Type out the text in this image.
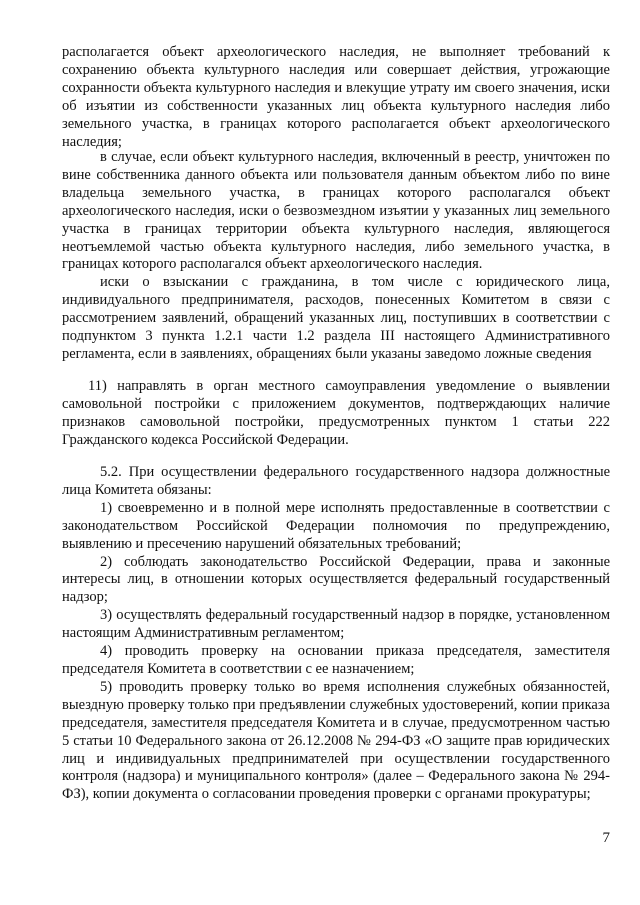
располагается объект археологического наследия, не выполняет требований к сохранению объекта культурного наследия или совершает действия, угрожающие сохранности объекта культурного наследия и влекущие утрату им своего значения, иски об изъятии из собственности указанных лиц объекта культурного наследия либо земельного участка, в границах которого располагается объект археологического наследия;

в случае, если объект культурного наследия, включенный в реестр, уничтожен по вине собственника данного объекта или пользователя данным объектом либо по вине владельца земельного участка, в границах которого располагался объект археологического наследия, иски о безвозмездном изъятии у указанных лиц земельного участка в границах территории объекта культурного наследия, являющегося неотъемлемой частью объекта культурного наследия, либо земельного участка, в границах которого располагался объект археологического наследия.

иски о взыскании с гражданина, в том числе с юридического лица, индивидуального предпринимателя, расходов, понесенных Комитетом в связи с рассмотрением заявлений, обращений указанных лиц, поступивших в соответствии с подпунктом 3 пункта 1.2.1 части 1.2 раздела III настоящего Административного регламента, если в заявлениях, обращениях были указаны заведомо ложные сведения

11) направлять в орган местного самоуправления уведомление о выявлении самовольной постройки с приложением документов, подтверждающих наличие признаков самовольной постройки, предусмотренных пунктом 1 статьи 222 Гражданского кодекса Российской Федерации.

5.2. При осуществлении федерального государственного надзора должностные лица Комитета обязаны:

1) своевременно и в полной мере исполнять предоставленные в соответствии с законодательством Российской Федерации полномочия по предупреждению, выявлению и пресечению нарушений обязательных требований;

2) соблюдать законодательство Российской Федерации, права и законные интересы лиц, в отношении которых осуществляется федеральный государственный надзор;

3) осуществлять федеральный государственный надзор в порядке, установленном настоящим Административным регламентом;

4) проводить проверку на основании приказа председателя, заместителя председателя Комитета в соответствии с ее назначением;

5) проводить проверку только во время исполнения служебных обязанностей, выездную проверку только при предъявлении служебных удостоверений, копии приказа председателя, заместителя председателя Комитета и в случае, предусмотренном частью 5 статьи 10 Федерального закона от 26.12.2008 № 294-ФЗ «О защите прав юридических лиц и индивидуальных предпринимателей при осуществлении государственного контроля (надзора) и муниципального контроля» (далее – Федерального закона № 294-ФЗ), копии документа о согласовании проведения проверки с органами прокуратуры;

7
